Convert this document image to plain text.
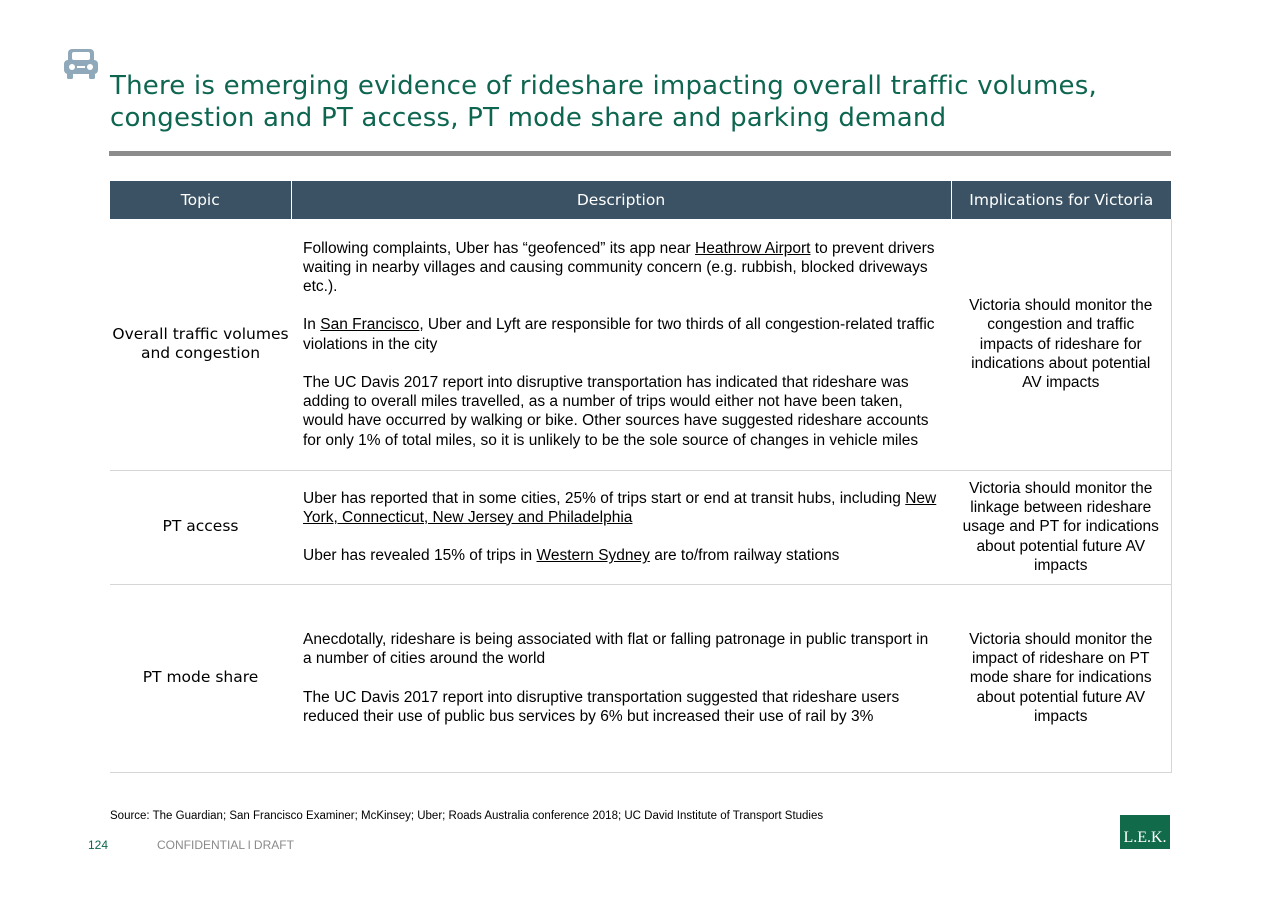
There is emerging evidence of rideshare impacting overall traffic volumes, congestion and PT access, PT mode share and parking demand
Topic	Description	Implications for Victoria
Overall traffic volumes and congestion	Following complaints, Uber has “geofenced” its app near Heathrow Airport to prevent drivers waiting in nearby villages and causing community concern (e.g. rubbish, blocked driveways etc.).

In San Francisco, Uber and Lyft are responsible for two thirds of all congestion-related traffic violations in the city

The UC Davis 2017 report into disruptive transportation has indicated that rideshare was adding to overall miles travelled, as a number of trips would either not have been taken, would have occurred by walking or bike. Other sources have suggested rideshare accounts for only 1% of total miles, so it is unlikely to be the sole source of changes in vehicle miles	Victoria should monitor the congestion and traffic impacts of rideshare for indications about potential AV impacts
PT access	Uber has reported that in some cities, 25% of trips start or end at transit hubs, including New York, Connecticut, New Jersey and Philadelphia

Uber has revealed 15% of trips in Western Sydney are to/from railway stations	Victoria should monitor the linkage between rideshare usage and PT for indications about potential future AV impacts
PT mode share	Anecdotally, rideshare is being associated with flat or falling patronage in public transport in a number of cities around the world

The UC Davis 2017 report into disruptive transportation suggested that rideshare users reduced their use of public bus services by 6% but increased their use of rail by 3%	Victoria should monitor the impact of rideshare on PT mode share for indications about potential future AV impacts
Source: The Guardian; San Francisco Examiner; McKinsey; Uber; Roads Australia conference 2018; UC David Institute of Transport Studies
124	CONFIDENTIAL l DRAFT	L.E.K.
